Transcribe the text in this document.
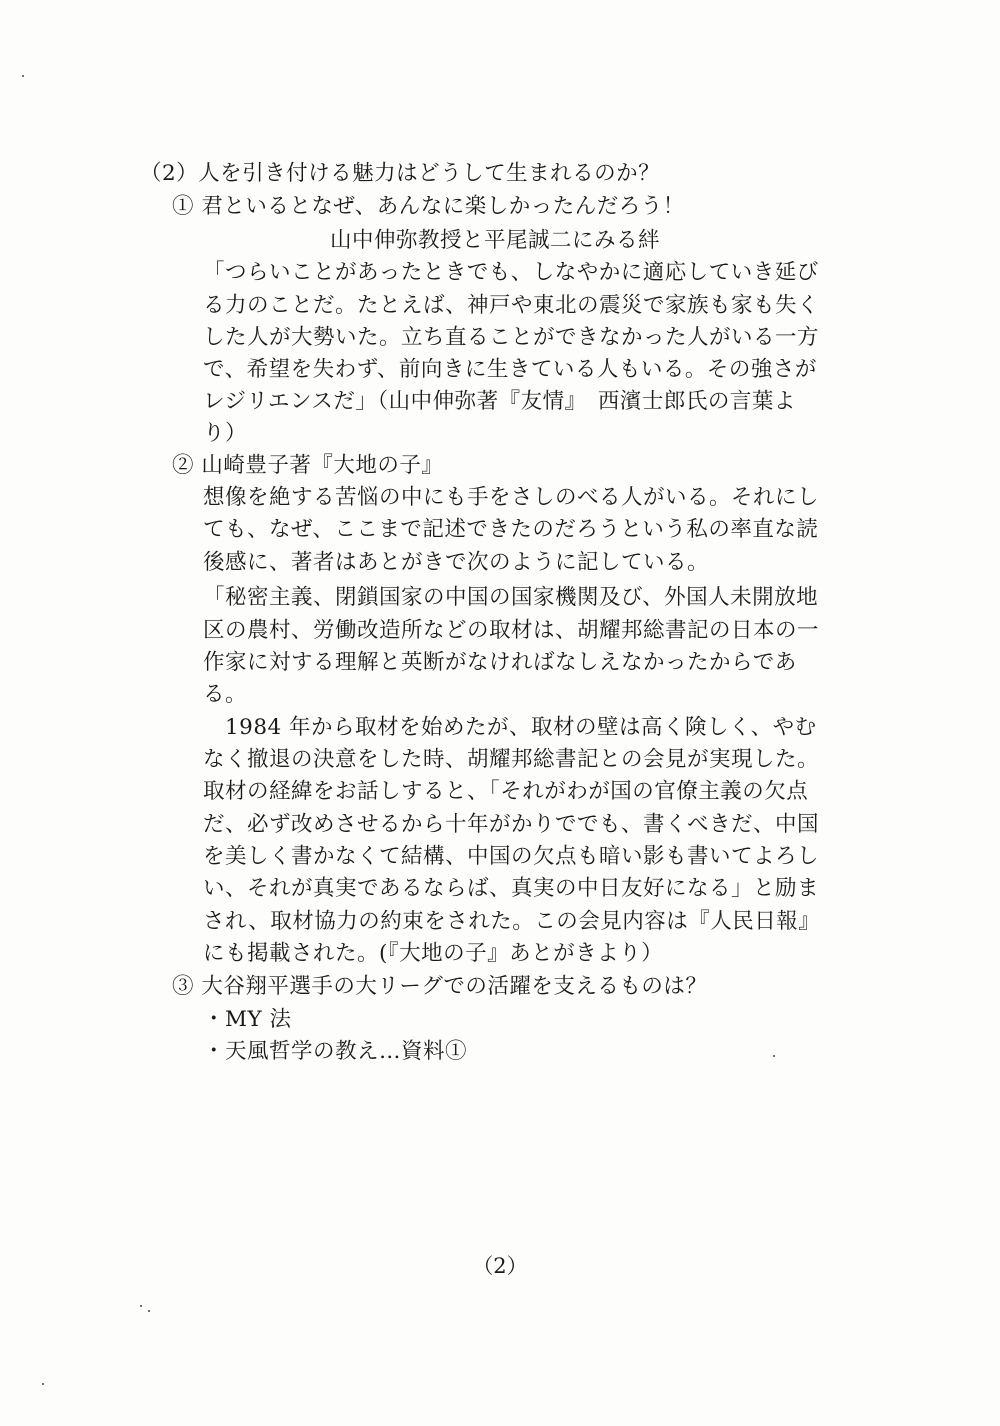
（2）人を引き付ける魅力はどうして生まれるのか？
① 君といるとなぜ、あんなに楽しかったんだろう！
山中伸弥教授と平尾誠二にみる絆
「つらいことがあったときでも、しなやかに適応していき延び
る力のことだ。たとえば、神戸や東北の震災で家族も家も失く
した人が大勢いた。立ち直ることができなかった人がいる一方
で、希望を失わず、前向きに生きている人もいる。その強さが
レジリエンスだ」（山中伸弥著『友情』　西濱士郎氏の言葉よ
り）
② 山崎豊子著『大地の子』
想像を絶する苦悩の中にも手をさしのべる人がいる。それにし
ても、なぜ、ここまで記述できたのだろうという私の率直な読
後感に、著者はあとがきで次のように記している。
「秘密主義、閉鎖国家の中国の国家機関及び、外国人未開放地
区の農村、労働改造所などの取材は、胡耀邦総書記の日本の一
作家に対する理解と英断がなければなしえなかったからであ
る。
　1984 年から取材を始めたが、取材の壁は高く険しく、やむ
なく撤退の決意をした時、胡耀邦総書記との会見が実現した。
取材の経緯をお話しすると、「それがわが国の官僚主義の欠点
だ、必ず改めさせるから十年がかりででも、書くべきだ、中国
を美しく書かなくて結構、中国の欠点も暗い影も書いてよろし
い、それが真実であるならば、真実の中日友好になる」と励ま
され、取材協力の約束をされた。この会見内容は『人民日報』
にも掲載された。(『大地の子』あとがきより）
③ 大谷翔平選手の大リーグでの活躍を支えるものは？
・MY 法
・天風哲学の教え…資料①
（2）
